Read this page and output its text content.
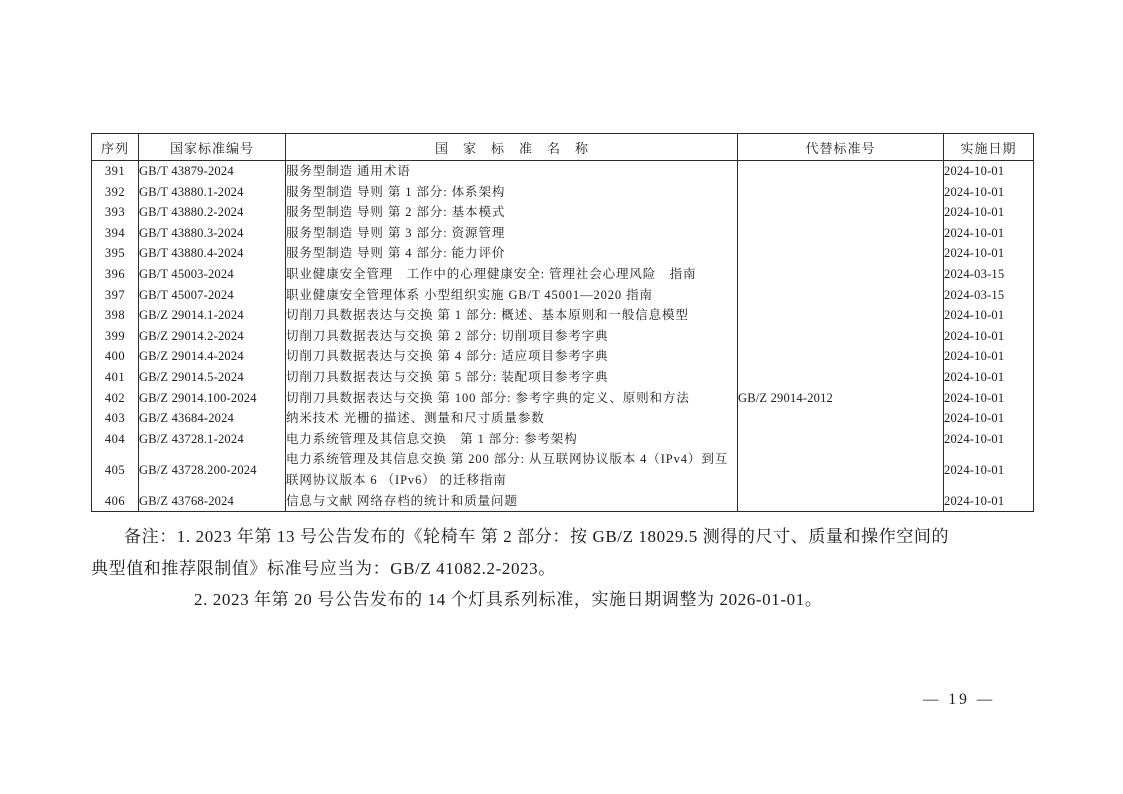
序列	国家标准编号	国家标准名称	代替标准号	实施日期
391	GB/T 43879-2024	服务型制造 通用术语		2024-10-01
392	GB/T 43880.1-2024	服务型制造 导则 第 1 部分: 体系架构		2024-10-01
393	GB/T 43880.2-2024	服务型制造 导则 第 2 部分: 基本模式		2024-10-01
394	GB/T 43880.3-2024	服务型制造 导则 第 3 部分: 资源管理		2024-10-01
395	GB/T 43880.4-2024	服务型制造 导则 第 4 部分: 能力评价		2024-10-01
396	GB/T 45003-2024	职业健康安全管理　工作中的心理健康安全: 管理社会心理风险　指南		2024-03-15
397	GB/T 45007-2024	职业健康安全管理体系 小型组织实施 GB/T 45001—2020 指南		2024-03-15
398	GB/Z 29014.1-2024	切削刀具数据表达与交换 第 1 部分: 概述、基本原则和一般信息模型		2024-10-01
399	GB/Z 29014.2-2024	切削刀具数据表达与交换 第 2 部分: 切削项目参考字典		2024-10-01
400	GB/Z 29014.4-2024	切削刀具数据表达与交换 第 4 部分: 适应项目参考字典		2024-10-01
401	GB/Z 29014.5-2024	切削刀具数据表达与交换 第 5 部分: 装配项目参考字典		2024-10-01
402	GB/Z 29014.100-2024	切削刀具数据表达与交换 第 100 部分: 参考字典的定义、原则和方法	GB/Z 29014-2012	2024-10-01
403	GB/Z 43684-2024	纳米技术 光栅的描述、测量和尺寸质量参数		2024-10-01
404	GB/Z 43728.1-2024	电力系统管理及其信息交换　第 1 部分: 参考架构		2024-10-01
405	GB/Z 43728.200-2024	电力系统管理及其信息交换 第 200 部分: 从互联网协议版本 4（IPv4）到互联网协议版本 6 （IPv6） 的迁移指南		2024-10-01
406	GB/Z 43768-2024	信息与文献 网络存档的统计和质量问题		2024-10-01

备注：1. 2023 年第 13 号公告发布的《轮椅车 第 2 部分：按 GB/Z 18029.5 测得的尺寸、质量和操作空间的

典型值和推荐限制值》标准号应当为：GB/Z 41082.2-2023。

2. 2023 年第 20 号公告发布的 14 个灯具系列标准，实施日期调整为 2026-01-01。

— 19 —
